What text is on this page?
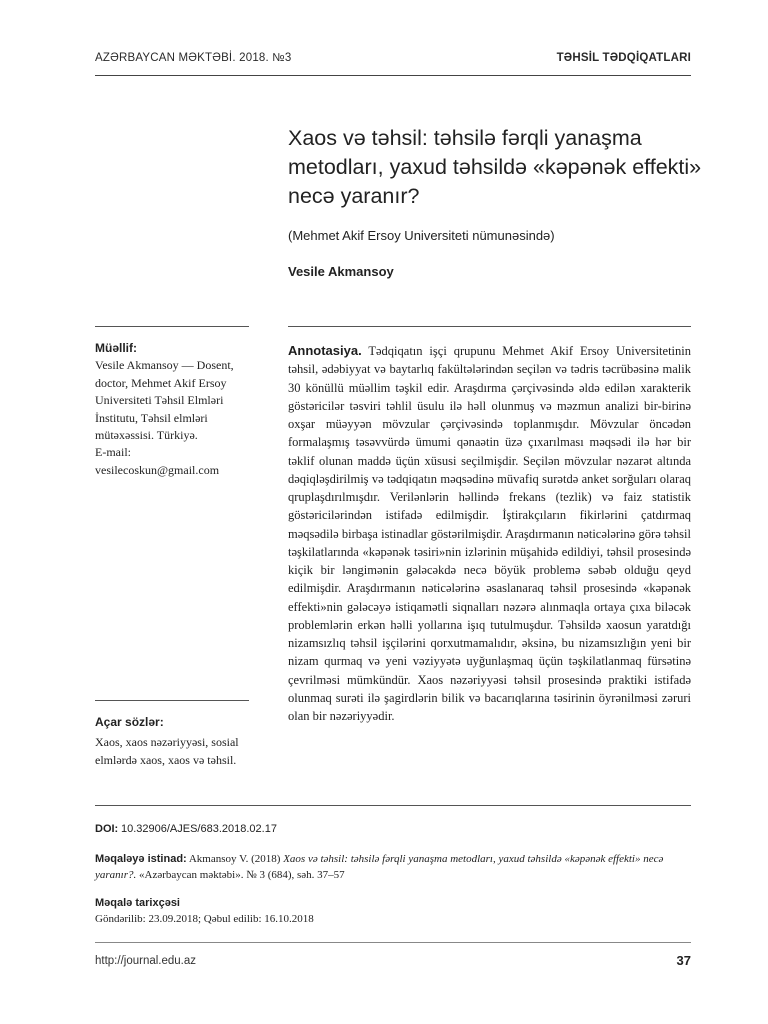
AZƏRBAYCAN MƏKTƏBİ. 2018. №3	TƏHSİL TƏDQİQATLARI
Xaos və təhsil: təhsilə fərqli yanaşma metodları, yaxud təhsildə «kəpənək effekti» necə yaranır?
(Mehmet Akif Ersoy Universiteti nümunəsində)
Vesile Akmansoy

Müəllif:

Vesile Akmansoy — Dosent, doctor, Mehmet Akif Ersoy Universiteti Təhsil Elmləri İnstitutu, Təhsil elmləri mütəxəssisi. Türkiyə.

E-mail:

vesilecoskun@gmail.com

Açar sözlər:

Xaos, xaos nəzəriyyəsi, sosial elmlərdə xaos, xaos və təhsil.

Annotasiya. Tədqiqatın işçi qrupunu Mehmet Akif Ersoy Universitetinin təhsil, ədəbiyyat və baytarlıq fakültələrindən seçilən və tədris təcrübəsinə malik 30 könüllü müəllim təşkil edir. Araşdırma çərçivəsində əldə edilən xarakterik göstəricilər təsviri təhlil üsulu ilə həll olunmuş və məzmun analizi bir-birinə oxşar müəyyən mövzular çərçivəsində toplanmışdır. Mövzular öncədən formalaşmış təsəvvürdə ümumi qənaətin üzə çıxarılması məqsədi ilə hər bir təklif olunan maddə üçün xüsusi seçilmişdir. Seçilən mövzular nəzarət altında dəqiqləşdirilmiş və tədqiqatın məqsədinə müvafiq surətdə anket sorğuları olaraq qruplaşdırılmışdır. Verilənlərin həllində frekans (tezlik) və faiz statistik göstəricilərindən istifadə edilmişdir. İştirakçıların fikirlərini çatdırmaq məqsədilə birbaşa istinadlar göstərilmişdir. Araşdırmanın nəticələrinə görə təhsil təşkilatlarında «kəpənək təsiri»nin izlərinin müşahidə edildiyi, təhsil prosesində kiçik bir ləngimənin gələcəkdə necə böyük problemə səbəb olduğu qeyd edilmişdir. Araşdırmanın nəticələrinə əsaslanaraq təhsil prosesində «kəpənək effekti»nin gələcəyə istiqamətli siqnalları nəzərə alınmaqla ortaya çıxa biləcək problemlərin erkən həlli yollarına işıq tutulmuşdur. Təhsildə xaosun yaratdığı nizamsızlıq təhsil işçilərini qorxutmamalıdır, əksinə, bu nizamsızlığın yeni bir nizam qurmaq və yeni vəziyyətə uyğunlaşmaq üçün təşkilatlanmaq fürsətinə çevrilməsi mümkündür. Xaos nəzəriyyəsi təhsil prosesində praktiki istifadə olunmaq surəti ilə şagirdlərin bilik və bacarıqlarına təsirinin öyrənilməsi zəruri olan bir nəzəriyyədir.

DOI: 10.32906/AJES/683.2018.02.17
Məqaləyə istinad: Akmansoy V. (2018) Xaos və təhsil: təhsilə fərqli yanaşma metodları, yaxud təhsildə «kəpənək effekti» necə yaranır?. «Azərbaycan məktəbi». № 3 (684), səh. 37–57
Məqalə tarixçəsi
Göndərilib: 23.09.2018; Qəbul edilib: 16.10.2018
http://journal.edu.az	37
